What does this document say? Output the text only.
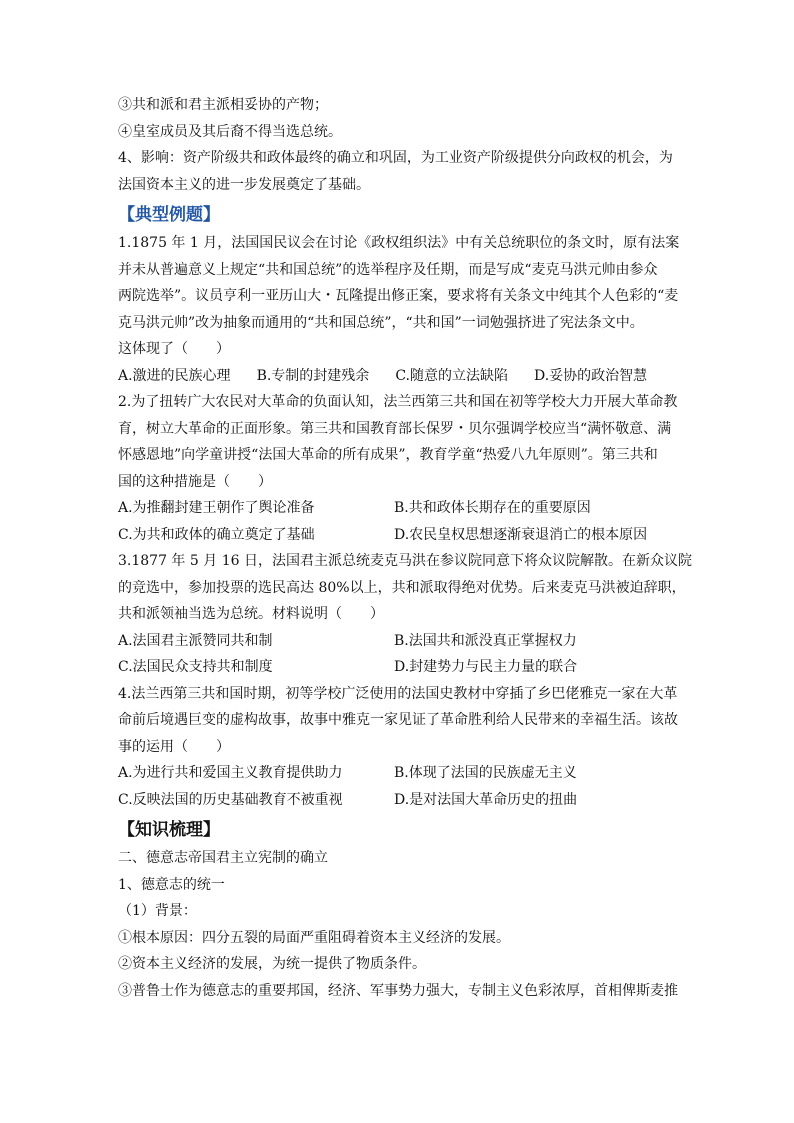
③共和派和君主派相妥协的产物；

④皇室成员及其后裔不得当选总统。

4、影响：资产阶级共和政体最终的确立和巩固，为工业资产阶级提供分向政权的机会，为

法国资本主义的进一步发展奠定了基础。

【典型例题】

1.1875 年 1 月，法国国民议会在讨论《政权组织法》中有关总统职位的条文时，原有法案

并未从普遍意义上规定“共和国总统”的选举程序及任期，而是写成“麦克马洪元帅由参众

两院选举”。议员亨利一亚历山大・瓦隆提出修正案，要求将有关条文中纯其个人色彩的“麦

克马洪元帅”改为抽象而通用的“共和国总统”，“共和国”一词勉强挤进了宪法条文中。

这体现了（　　）

A.激进的民族心理 B.专制的封建残余 C.随意的立法缺陷 D.妥协的政治智慧

2.为了扭转广大农民对大革命的负面认知，法兰西第三共和国在初等学校大力开展大革命教

育，树立大革命的正面形象。第三共和国教育部长保罗・贝尔强调学校应当“满怀敬意、满

怀感恩地”向学童讲授“法国大革命的所有成果”，教育学童“热爱八九年原则”。第三共和

国的这种措施是（　　）

A.为推翻封建王朝作了舆论准备	B.共和政体长期存在的重要原因
C.为共和政体的确立奠定了基础	D.农民皇权思想逐渐衰退消亡的根本原因

3.1877 年 5 月 16 日，法国君主派总统麦克马洪在参议院同意下将众议院解散。在新众议院

的竞选中，参加投票的选民高达 80%以上，共和派取得绝对优势。后来麦克马洪被迫辞职，

共和派领袖当选为总统。材料说明（　　）

A.法国君主派赞同共和制	B.法国共和派没真正掌握权力
C.法国民众支持共和制度	D.封建势力与民主力量的联合

4.法兰西第三共和国时期，初等学校广泛使用的法国史教材中穿插了乡巴佬雅克一家在大革

命前后境遇巨变的虚构故事，故事中雅克一家见证了革命胜利给人民带来的幸福生活。该故

事的运用（　　）

A.为进行共和爱国主义教育提供助力	B.体现了法国的民族虚无主义
C.反映法国的历史基础教育不被重视	D.是对法国大革命历史的扭曲
【知识梳理】

二、德意志帝国君主立宪制的确立

1、德意志的统一

（1）背景：

①根本原因：四分五裂的局面严重阻碍着资本主义经济的发展。

②资本主义经济的发展，为统一提供了物质条件。

③普鲁士作为德意志的重要邦国，经济、军事势力强大，专制主义色彩浓厚，首相俾斯麦推
